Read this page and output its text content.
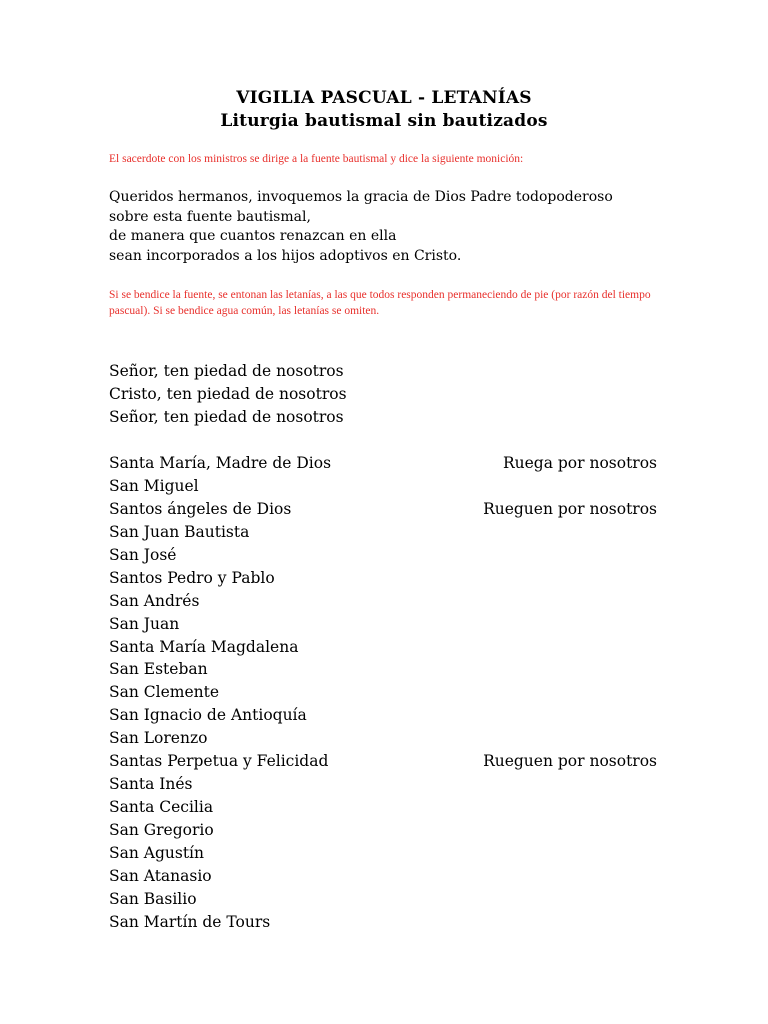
VIGILIA PASCUAL - LETANÍAS
Liturgia bautismal sin bautizados
El sacerdote con los ministros se dirige a la fuente bautismal y dice la siguiente monición:
Queridos hermanos, invoquemos la gracia de Dios Padre todopoderoso
sobre esta fuente bautismal,
de manera que cuantos renazcan en ella
sean incorporados a los hijos adoptivos en Cristo.
Si se bendice la fuente, se entonan las letanías, a las que todos responden permaneciendo de pie (por razón del tiempo pascual). Si se bendice agua común, las letanías se omiten.
Señor, ten piedad de nosotros
Cristo, ten piedad de nosotros
Señor, ten piedad de nosotros
Santa María, Madre de Dios	Ruega por nosotros
San Miguel
Santos ángeles de Dios	Rueguen por nosotros
San Juan Bautista
San José
Santos Pedro y Pablo
San Andrés
San Juan
Santa María Magdalena
San Esteban
San Clemente
San Ignacio de Antioquía
San Lorenzo
Santas Perpetua y Felicidad	Rueguen por nosotros
Santa Inés
Santa Cecilia
San Gregorio
San Agustín
San Atanasio
San Basilio
San Martín de Tours
